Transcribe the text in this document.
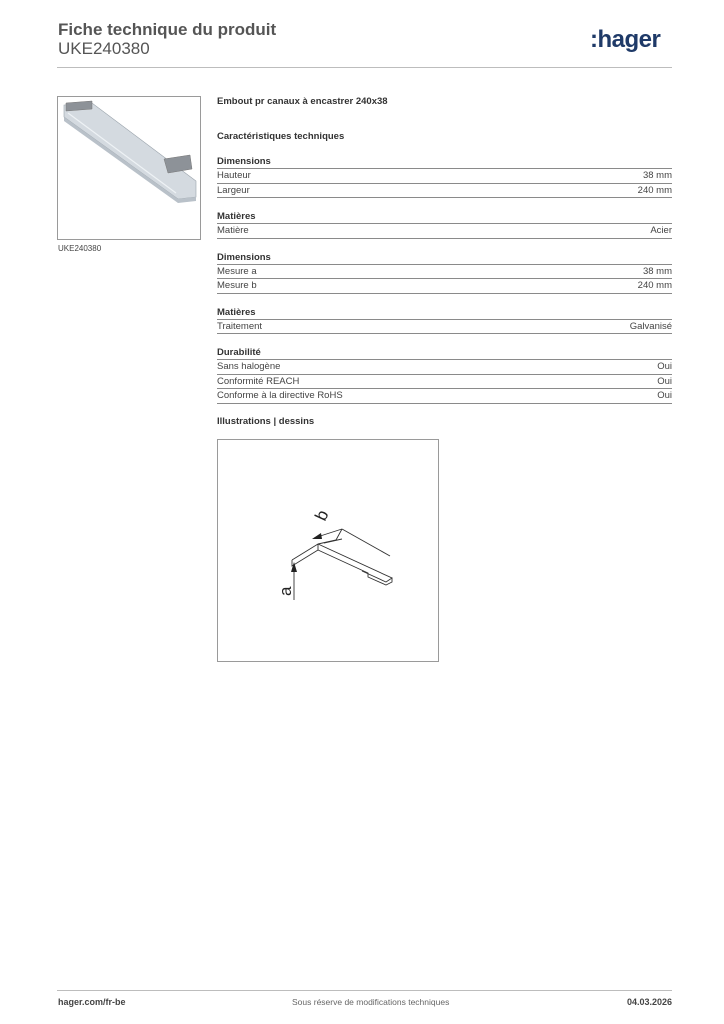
Fiche technique du produit
UKE240380	:hager
UKE240380
Embout pr canaux à encastrer 240x38
Caractéristiques techniques
Dimensions
Hauteur	38 mm
Largeur	240 mm
Matières
Matière	Acier
Dimensions
Mesure a	38 mm
Mesure b	240 mm
Matières
Traitement	Galvanisé
Durabilité
Sans halogène	Oui
Conformité REACH	Oui
Conforme à la directive RoHS	Oui
Illustrations | dessins
b
a
hager.com/fr-be	Sous réserve de modifications techniques	04.03.2026
